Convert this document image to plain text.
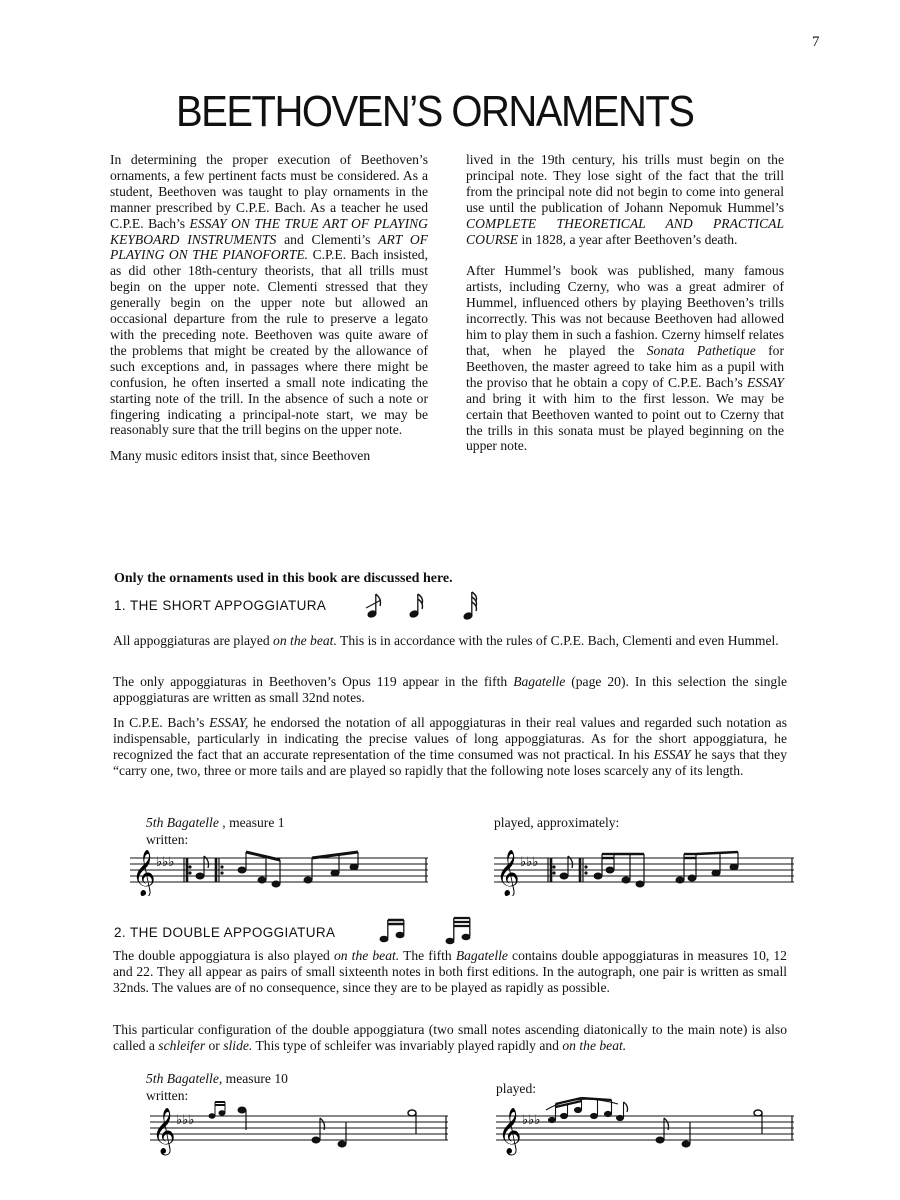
7
BEETHOVEN’S ORNAMENTS

In determining the proper execution of Beethoven’s ornaments, a few pertinent facts must be considered. As a student, Beethoven was taught to play ornaments in the manner prescribed by C.P.E. Bach. As a teacher he used C.P.E. Bach’s ESSAY ON THE TRUE ART OF PLAYING KEYBOARD INSTRUMENTS and Clementi’s ART OF PLAYING ON THE PIANOFORTE. C.P.E. Bach insisted, as did other 18th-century theorists, that all trills must begin on the upper note. Clementi stressed that they generally begin on the upper note but allowed an occasional departure from the rule to preserve a legato with the preceding note. Beethoven was quite aware of the problems that might be created by the allowance of such exceptions and, in passages where there might be confusion, he often inserted a small note indicating the starting note of the trill. In the absence of such a note or fingering indicating a principal-note start, we may be reasonably sure that the trill begins on the upper note.

Many music editors insist that, since Beethoven

lived in the 19th century, his trills must begin on the principal note. They lose sight of the fact that the trill from the principal note did not begin to come into general use until the publication of Johann Nepomuk Hummel’s COMPLETE THEORETICAL AND PRACTICAL COURSE in 1828, a year after Beethoven’s death.

After Hummel’s book was published, many famous artists, including Czerny, who was a great admirer of Hummel, influenced others by playing Beethoven’s trills incorrectly. This was not because Beethoven had allowed him to play them in such a fashion. Czerny himself relates that, when he played the Sonata Pathetique for Beethoven, the master agreed to take him as a pupil with the proviso that he obtain a copy of C.P.E. Bach’s ESSAY and bring it with him to the first lesson. We may be certain that Beethoven wanted to point out to Czerny that the trills in this sonata must be played beginning on the upper note.

Only the ornaments used in this book are discussed here.
1. THE SHORT APPOGGIATURA

All appoggiaturas are played on the beat. This is in accordance with the rules of C.P.E. Bach, Clementi and even Hummel.

The only appoggiaturas in Beethoven’s Opus 119 appear in the fifth Bagatelle (page 20). In this selection the single appoggiaturas are written as small 32nd notes.

In C.P.E. Bach’s ESSAY, he endorsed the notation of all appoggiaturas in their real values and regarded such notation as indispensable, particularly in indicating the precise values of long appoggiaturas. As for the short appoggiatura, he recognized the fact that an accurate representation of the time consumed was not practical. In his ESSAY he says that they “carry one, two, three or more tails and are played so rapidly that the following note loses scarcely any of its length.

5th Bagatelle , measure 1
written:
played, approximately:
𝄞 ♭♭♭	𝄞 ♭♭♭
2. THE DOUBLE APPOGGIATURA

The double appoggiatura is also played on the beat. The fifth Bagatelle contains double appoggiaturas in measures 10, 12 and 22. They all appear as pairs of small sixteenth notes in both first editions. In the autograph, one pair is written as small 32nds. The values are of no consequence, since they are to be played as rapidly as possible.

This particular configuration of the double appoggiatura (two small notes ascending diatonically to the main note) is also called a schleifer or slide. This type of schleifer was invariably played rapidly and on the beat.

5th Bagatelle, measure 10
written:	played:
𝄞 ♭♭♭	𝄞 ♭♭♭
